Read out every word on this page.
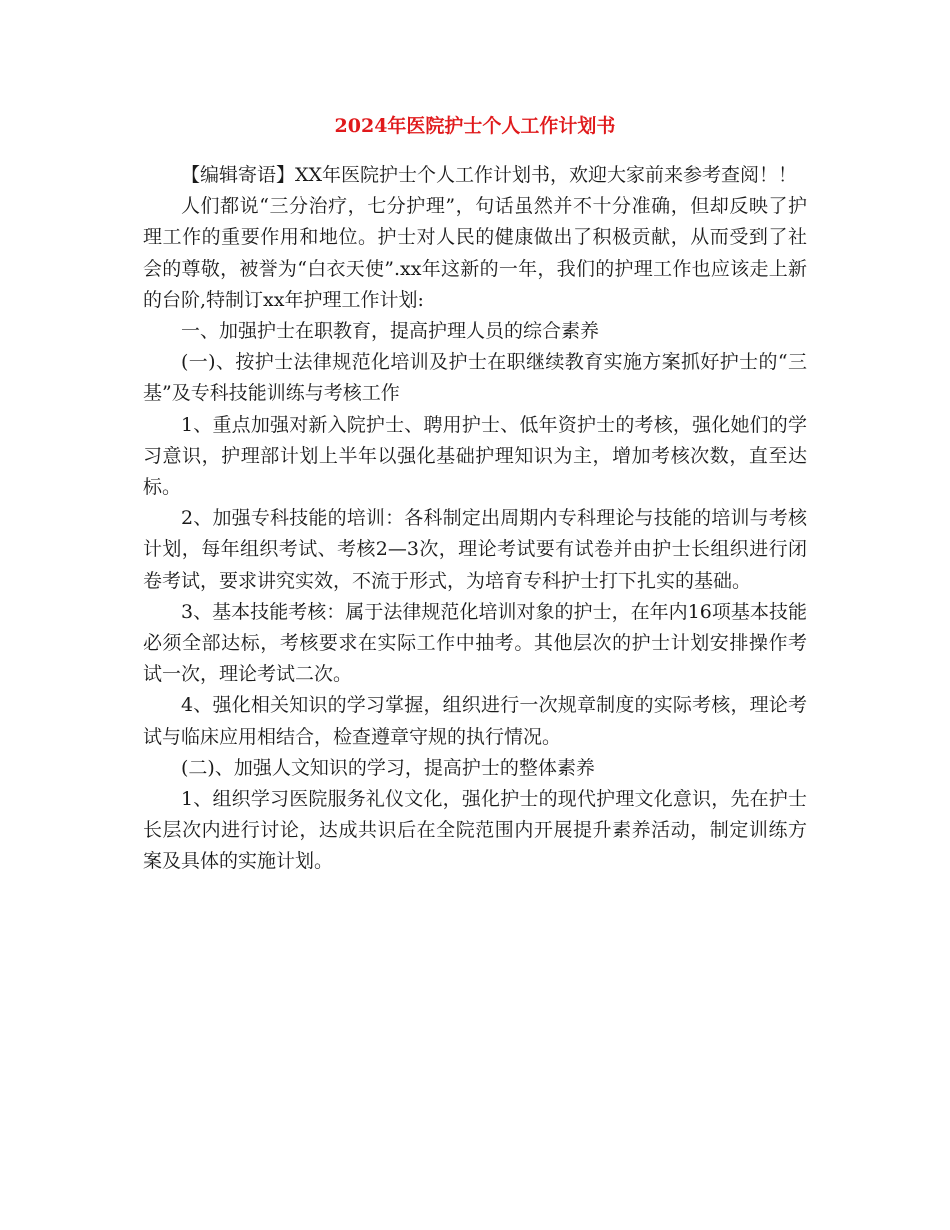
2024年医院护士个人工作计划书

【编辑寄语】XX年医院护士个人工作计划书，欢迎大家前来参考查阅！！

人们都说“三分治疗，七分护理”，句话虽然并不十分准确，但却反映了护理工作的重要作用和地位。护士对人民的健康做出了积极贡献，从而受到了社会的尊敬，被誉为“白衣天使”.xx年这新的一年，我们的护理工作也应该走上新的台阶,特制订xx年护理工作计划:

一、加强护士在职教育，提高护理人员的综合素养

(一)、按护士法律规范化培训及护士在职继续教育实施方案抓好护士的“三基”及专科技能训练与考核工作

1、重点加强对新入院护士、聘用护士、低年资护士的考核，强化她们的学习意识，护理部计划上半年以强化基础护理知识为主，增加考核次数，直至达标。

2、加强专科技能的培训：各科制定出周期内专科理论与技能的培训与考核计划，每年组织考试、考核2—3次，理论考试要有试卷并由护士长组织进行闭卷考试，要求讲究实效，不流于形式，为培育专科护士打下扎实的基础。

3、基本技能考核：属于法律规范化培训对象的护士，在年内16项基本技能必须全部达标，考核要求在实际工作中抽考。其他层次的护士计划安排操作考试一次，理论考试二次。

4、强化相关知识的学习掌握，组织进行一次规章制度的实际考核，理论考试与临床应用相结合，检查遵章守规的执行情况。

(二)、加强人文知识的学习，提高护士的整体素养

1、组织学习医院服务礼仪文化，强化护士的现代护理文化意识，先在护士长层次内进行讨论，达成共识后在全院范围内开展提升素养活动，制定训练方案及具体的实施计划。
